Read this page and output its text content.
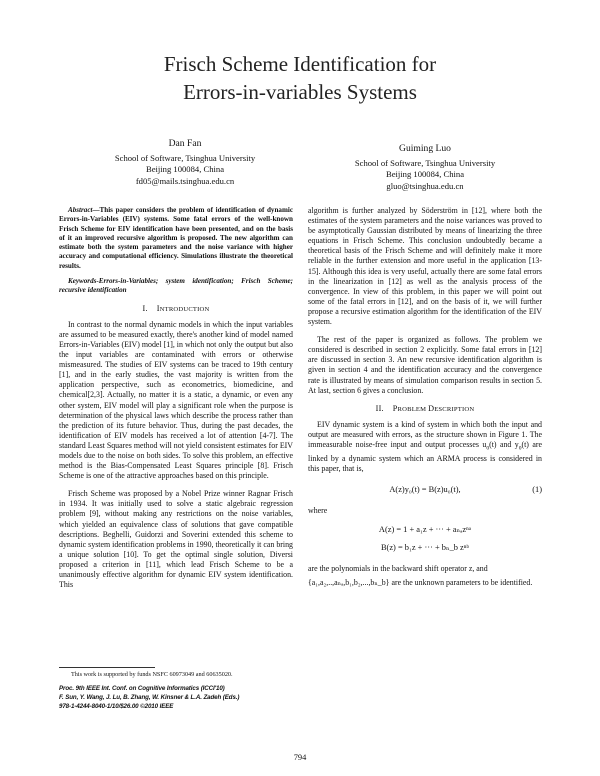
Frisch Scheme Identification for
Errors-in-variables Systems
Dan Fan
School of Software, Tsinghua University
Beijing 100084, China
fd05@mails.tsinghua.edu.cn
Guiming Luo
School of Software, Tsinghua University
Beijing 100084, China
gluo@tsinghua.edu.cn

Abstract—This paper considers the problem of identification of dynamic Errors-in-Variables (EIV) systems. Some fatal errors of the well-known Frisch Scheme for EIV identification have been presented, and on the basis of it an improved recursive algorithm is proposed. The new algorithm can estimate both the system parameters and the noise variance with higher accuracy and computational efficiency. Simulations illustrate the theoretical results.

Keywords-Errors-in-Variables; system identification; Frisch Scheme; recursive identification

I. INTRODUCTION

In contrast to the normal dynamic models in which the input variables are assumed to be measured exactly, there's another kind of model named Errors-in-Variables (EIV) model [1], in which not only the output but also the input variables are contaminated with errors or otherwise mismeasured. The studies of EIV systems can be traced to 19th century [1], and in the early studies, the vast majority is written from the application perspective, such as econometrics, biomedicine, and chemical[2,3]. Actually, no matter it is a static, a dynamic, or even any other system, EIV model will play a significant role when the purpose is determination of the physical laws which describe the process rather than the prediction of its future behavior. Thus, during the past decades, the identification of EIV models has received a lot of attention [4-7]. The standard Least Squares method will not yield consistent estimates for EIV models due to the noise on both sides. To solve this problem, an effective method is the Bias-Compensated Least Squares principle [8]. Frisch Scheme is one of the attractive approaches based on this principle.

Frisch Scheme was proposed by a Nobel Prize winner Ragnar Frisch in 1934. It was initially used to solve a static algebraic regression problem [9], without making any restrictions on the noise variables, which yielded an equivalence class of solutions that gave compatible descriptions. Beghelli, Guidorzi and Soverini extended this scheme to dynamic system identification problems in 1990, theoretically it can bring a unique solution [10]. To get the optimal single solution, Diversi proposed a criterion in [11], which lead Frisch Scheme to be a unanimously effective algorithm for dynamic EIV system identification. This

algorithm is further analyzed by Söderström in [12], where both the estimates of the system parameters and the noise variances was proved to be asymptotically Gaussian distributed by means of linearizing the three equations in Frisch Scheme. This conclusion undoubtedly became a theoretical basis of the Frisch Scheme and will definitely make it more reliable in the further extension and more useful in the application [13-15]. Although this idea is very useful, actually there are some fatal errors in the linearization in [12] as well as the analysis process of the convergence. In view of this problem, in this paper we will point out some of the fatal errors in [12], and on the basis of it, we will further propose a recursive estimation algorithm for the identification of the EIV system.

The rest of the paper is organized as follows. The problem we considered is described in section 2 explicitly. Some fatal errors in [12] are discussed in section 3. An new recursive identification algorithm is given in section 4 and the identification accuracy and the convergence rate is illustrated by means of simulation comparison results in section 5. At last, section 6 gives a conclusion.

II. PROBLEM DESCRIPTION

EIV dynamic system is a kind of system in which both the input and output are measured with errors, as the structure shown in Figure 1. The immeasurable noise-free input and output processes $u_0(t)$ and $y_0(t)$ are linked by a dynamic system which an ARMA process is considered in this paper, that is,

A(z)y₀(t) = B(z)u₀(t),	(1)

where

A(z) = 1 + a₁z + ··· + aₙₐzⁿᵃ
B(z) = b₁z + ··· + bₙ_b zⁿᵇ

are the polynomials in the backward shift operator z, and

{a₁,a₂,..,aₙₐ,b₁,b₂,...,bₙ_b} are the unknown parameters to be identified.

This work is supported by funds NSFC 60973049 and 60635020.
Proc. 9th IEEE Int. Conf. on Cognitive Informatics (ICCI'10)
F. Sun, Y. Wang, J. Lu, B. Zhang, W. Kinsner & L.A. Zadeh (Eds.)
978-1-4244-8040-1/10/$26.00 ©2010 IEEE
794
